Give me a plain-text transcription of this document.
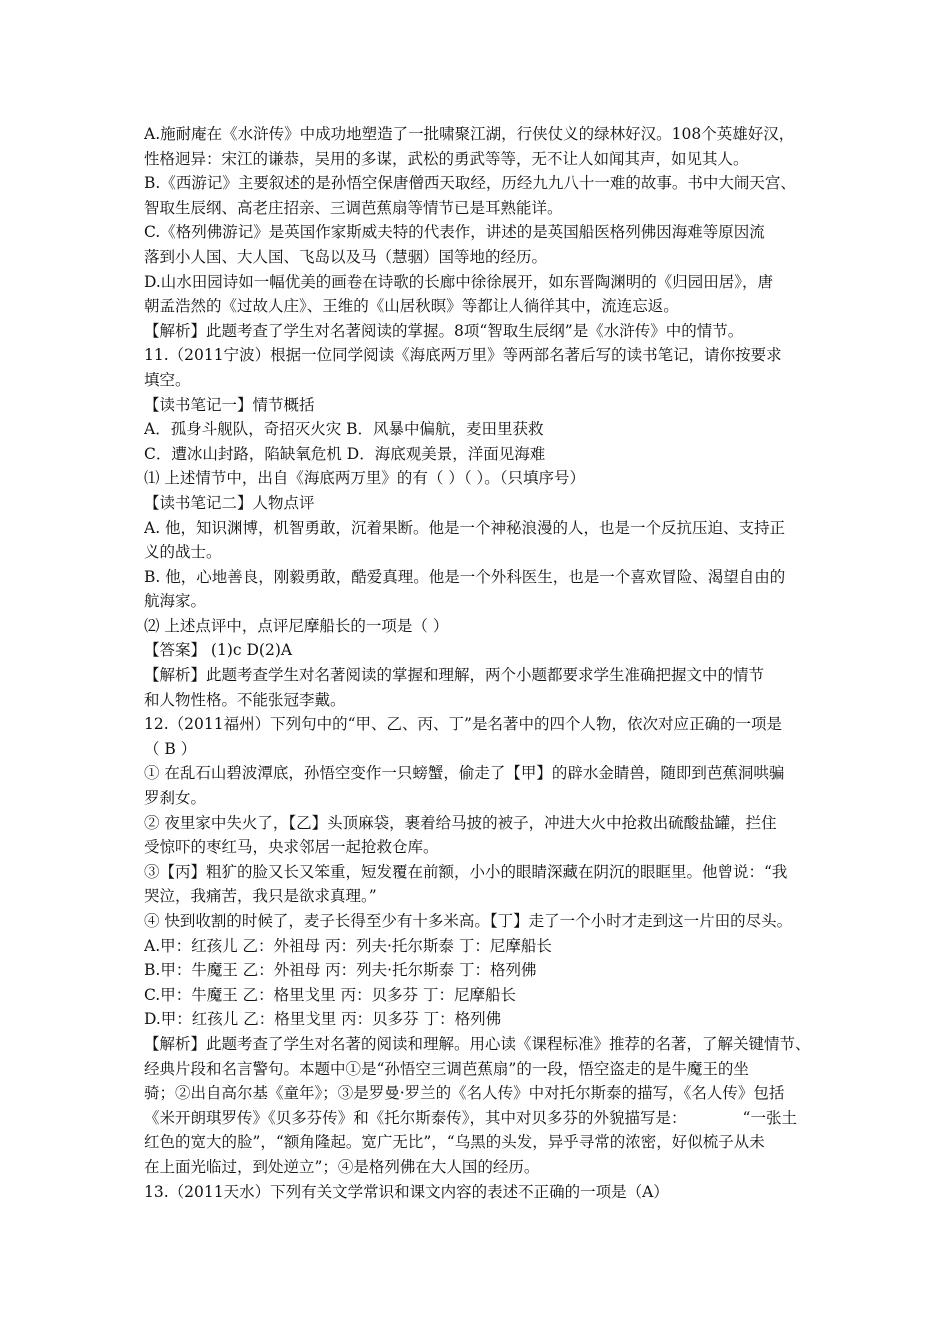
A.施耐庵在《水浒传》中成功地塑造了一批啸聚江湖，行侠仗义的绿林好汉。108个英雄好汉，
性格迥异：宋江的谦恭，吴用的多谋，武松的勇武等等，无不让人如闻其声，如见其人。
B.《西游记》主要叙述的是孙悟空保唐僧西天取经，历经九九八十一难的故事。书中大闹天宫、
智取生辰纲、高老庄招亲、三调芭蕉扇等情节已是耳熟能详。
C.《格列佛游记》是英国作家斯威夫特的代表作，讲述的是英国船医格列佛因海难等原因流
落到小人国、大人国、飞岛以及马（慧骃）国等地的经历。
D.山水田园诗如一幅优美的画卷在诗歌的长廊中徐徐展开，如东晋陶渊明的《归园田居》，唐
朝孟浩然的《过故人庄》、王维的《山居秋暝》等都让人徜徉其中，流连忘返。
【解析】此题考查了学生对名著阅读的掌握。8项“智取生辰纲”是《水浒传》中的情节。
11.（2011宁波）根据一位同学阅读《海底两万里》等两部名著后写的读书笔记，请你按要求
填空。
【读书笔记一】情节概括
A．孤身斗舰队，奇招灭火灾 B．风暴中偏航，麦田里获救
C．遭冰山封路，陷缺氧危机 D．海底观美景，洋面见海难
⑴ 上述情节中，出自《海底两万里》的有（ ）（ ）。（只填序号）
【读书笔记二】人物点评
A. 他，知识渊博，机智勇敢，沉着果断。他是一个神秘浪漫的人，也是一个反抗压迫、支持正
义的战士。
B. 他，心地善良，刚毅勇敢，酷爱真理。他是一个外科医生，也是一个喜欢冒险、渴望自由的
航海家。
⑵ 上述点评中，点评尼摩船长的一项是（ ）
【答案】 (1)c D(2)A
【解析】此题考查学生对名著阅读的掌握和理解，两个小题都要求学生准确把握文中的情节
和人物性格。不能张冠李戴。
12.（2011福州）下列句中的“甲、乙、丙、丁”是名著中的四个人物，依次对应正确的一项是
（ B ）
① 在乱石山碧波潭底，孙悟空变作一只螃蟹，偷走了【甲】的辟水金睛兽，随即到芭蕉洞哄骗
罗刹女。
② 夜里家中失火了，【乙】头顶麻袋，裹着给马披的被子，冲进大火中抢救出硫酸盐罐，拦住
受惊吓的枣红马，央求邻居一起抢救仓库。
③【丙】粗犷的脸又长又笨重，短发覆在前额，小小的眼睛深藏在阴沉的眼眶里。他曾说：“我
哭泣，我痛苦，我只是欲求真理。”
④ 快到收割的时候了，麦子长得至少有十多米高。【丁】走了一个小时才走到这一片田的尽头。
A.甲：红孩儿 乙：外祖母 丙：列夫·托尔斯泰 丁：尼摩船长
B.甲：牛魔王 乙：外祖母 丙：列夫·托尔斯泰 丁：格列佛
C.甲：牛魔王 乙：格里戈里 丙：贝多芬 丁：尼摩船长
D.甲：红孩儿 乙：格里戈里 丙：贝多芬 丁：格列佛
【解析】此题考查了学生对名著的阅读和理解。用心读《课程标准》推荐的名著，了解关键情节、
经典片段和名言警句。本题中①是“孙悟空三调芭蕉扇”的一段，悟空盗走的是牛魔王的坐
骑；②出自高尔基《童年》；③是罗曼·罗兰的《名人传》中对托尔斯泰的描写，《名人传》包括
《米开朗琪罗传》《贝多芬传》和《托尔斯泰传》，其中对贝多芬的外貌描写是：	“一张土
红色的宽大的脸”，“额角隆起。宽广无比”，“乌黑的头发，异乎寻常的浓密，好似梳子从未
在上面光临过，到处逆立”；④是格列佛在大人国的经历。
13.（2011天水）下列有关文学常识和课文内容的表述不正确的一项是（A）
